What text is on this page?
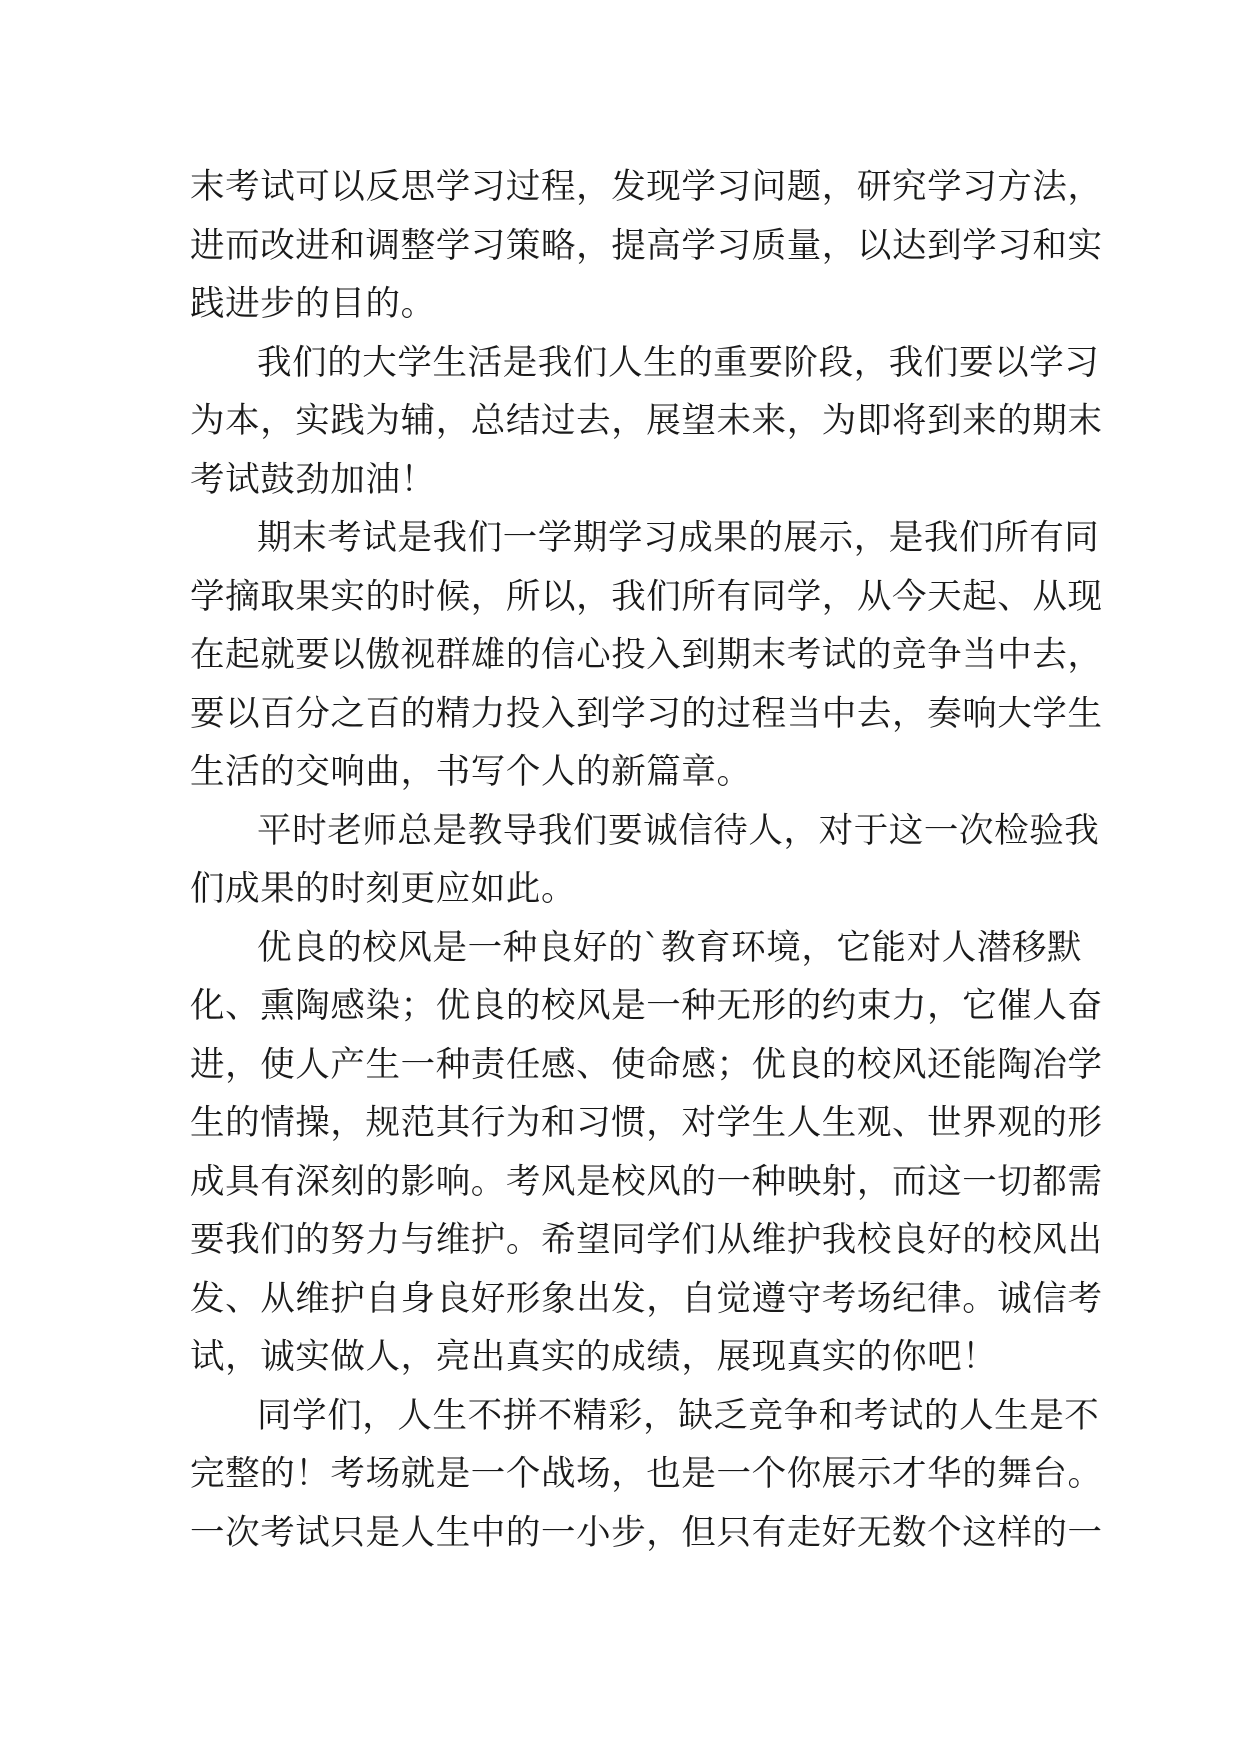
末考试可以反思学习过程，发现学习问题，研究学习方法，
进而改进和调整学习策略，提高学习质量，以达到学习和实
践进步的目的。
我们的大学生活是我们人生的重要阶段，我们要以学习
为本，实践为辅，总结过去，展望未来，为即将到来的期末
考试鼓劲加油！
期末考试是我们一学期学习成果的展示，是我们所有同
学摘取果实的时候，所以，我们所有同学，从今天起、从现
在起就要以傲视群雄的信心投入到期末考试的竞争当中去，
要以百分之百的精力投入到学习的过程当中去，奏响大学生
生活的交响曲，书写个人的新篇章。
平时老师总是教导我们要诚信待人，对于这一次检验我
们成果的时刻更应如此。
优良的校风是一种良好的`教育环境，它能对人潜移默
化、熏陶感染；优良的校风是一种无形的约束力，它催人奋
进，使人产生一种责任感、使命感；优良的校风还能陶冶学
生的情操，规范其行为和习惯，对学生人生观、世界观的形
成具有深刻的影响。考风是校风的一种映射，而这一切都需
要我们的努力与维护。希望同学们从维护我校良好的校风出
发、从维护自身良好形象出发，自觉遵守考场纪律。诚信考
试，诚实做人，亮出真实的成绩，展现真实的你吧！
同学们，人生不拼不精彩，缺乏竞争和考试的人生是不
完整的！考场就是一个战场，也是一个你展示才华的舞台。
一次考试只是人生中的一小步，但只有走好无数个这样的一
